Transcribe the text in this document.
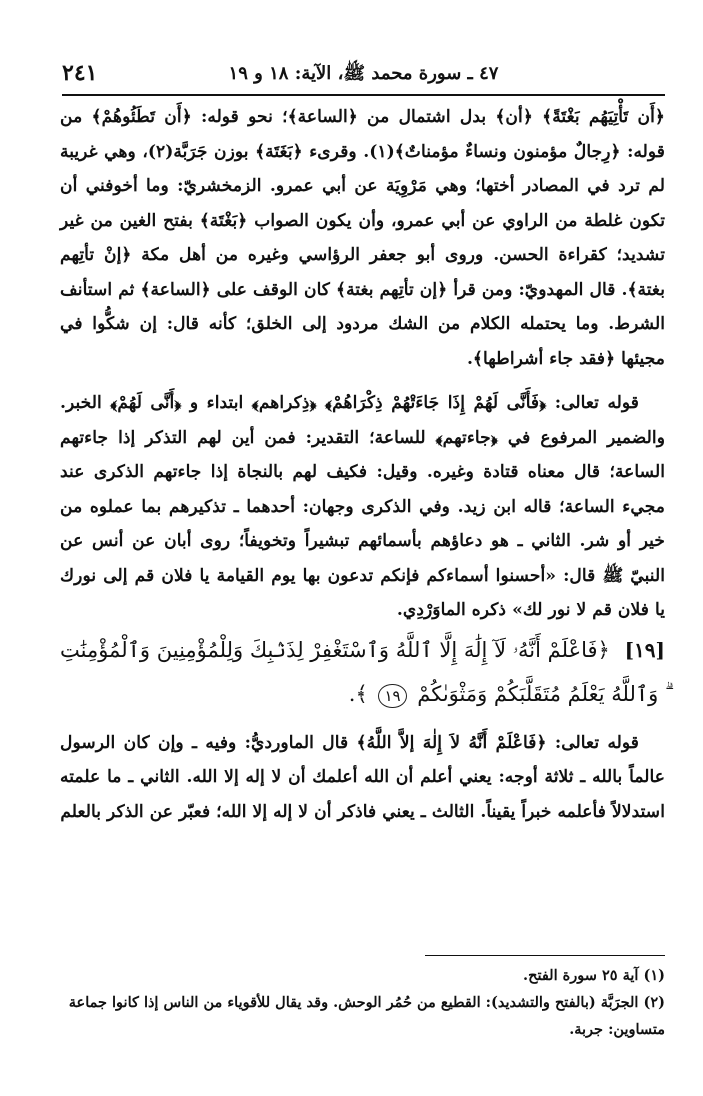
٤٧ ـ سورة محمد ﷺ، الآية: ١٨ و ١٩
٢٤١

﴿أَن تَأْتِيَهُم بَغْتَةً﴾ ﴿أن﴾ بدل اشتمال من ﴿الساعة﴾؛ نحو قوله: ﴿أَن تَطَئُوهُمْ﴾ من قوله: ﴿رِجالٌ مؤمنون ونساءٌ مؤمناتٌ﴾(١). وقرىء ﴿بَغَتَة﴾ بوزن جَرَبَّة(٢)، وهي غريبة لم ترد في المصادر أختها؛ وهي مَرْوِيَة عن أبي عمرو. الزمخشريّ: وما أخوفني أن تكون غلطة من الراوي عن أبي عمرو، وأن يكون الصواب ﴿بَغْتَة﴾ بفتح الغين من غير تشديد؛ كقراءة الحسن. وروى أبو جعفر الرؤاسي وغيره من أهل مكة ﴿إنْ تأتِهم بغتة﴾. قال المهدويّ: ومن قرأ ﴿إن تأتِهم بغتة﴾ كان الوقف على ﴿الساعة﴾ ثم استأنف الشرط. وما يحتمله الكلام من الشك مردود إلى الخلق؛ كأنه قال: إن شكُّوا في مجيئها ﴿فقد جاء أشراطها﴾.

قوله تعالى: ﴿فَأَنَّى لَهُمْ إِذَا جَاءَتْهُمْ ذِكْرَاهُمْ﴾ ﴿ذِكراهم﴾ ابتداء و ﴿أَنَّى لَهُمْ﴾ الخبر. والضمير المرفوع في ﴿جاءتهم﴾ للساعة؛ التقدير: فمن أين لهم التذكر إذا جاءتهم الساعة؛ قال معناه قتادة وغيره. وقيل: فكيف لهم بالنجاة إذا جاءتهم الذكرى عند مجيء الساعة؛ قاله ابن زيد. وفي الذكرى وجهان: أحدهما ـ تذكيرهم بما عملوه من خير أو شر. الثاني ـ هو دعاؤهم بأسمائهم تبشيراً وتخويفاً؛ روى أبان عن أنس عن النبيّ ﷺ قال: «أحسنوا أسماءكم فإنكم تدعون بها يوم القيامة يا فلان قم إلى نورك يا فلان قم لا نور لك» ذكره الماوَرْدِي.

[١٩] ﴿فَاعْلَمْ أَنَّهُۥ لَآ إِلَٰهَ إِلَّا ٱللَّهُ وَٱسْتَغْفِرْ لِذَنۢبِكَ وَلِلْمُؤْمِنِينَ وَٱلْمُؤْمِنَٰتِ ۗ وَٱللَّهُ يَعْلَمُ مُتَقَلَّبَكُمْ وَمَثْوَىٰكُمْ ١٩ ﴾.

قوله تعالى: ﴿فَاعْلَمْ أَنَّهُ لاَ إِلٰهَ إلاَّ اللَّهُ﴾ قال الماورديُّ: وفيه ـ وإن كان الرسول عالماً بالله ـ ثلاثة أوجه: يعني أعلم أن الله أعلمك أن لا إله إلا الله. الثاني ـ ما علمته استدلالاً فأعلمه خبراً يقيناً. الثالث ـ يعني فاذكر أن لا إله إلا الله؛ فعبّر عن الذكر بالعلم

(١) آية ٢٥ سورة الفتح.

(٢) الجرَبَّة (بالفتح والتشديد): القطيع من حُمُر الوحش. وقد يقال للأقوياء من الناس إذا كانوا جماعة متساوين: جربة.
